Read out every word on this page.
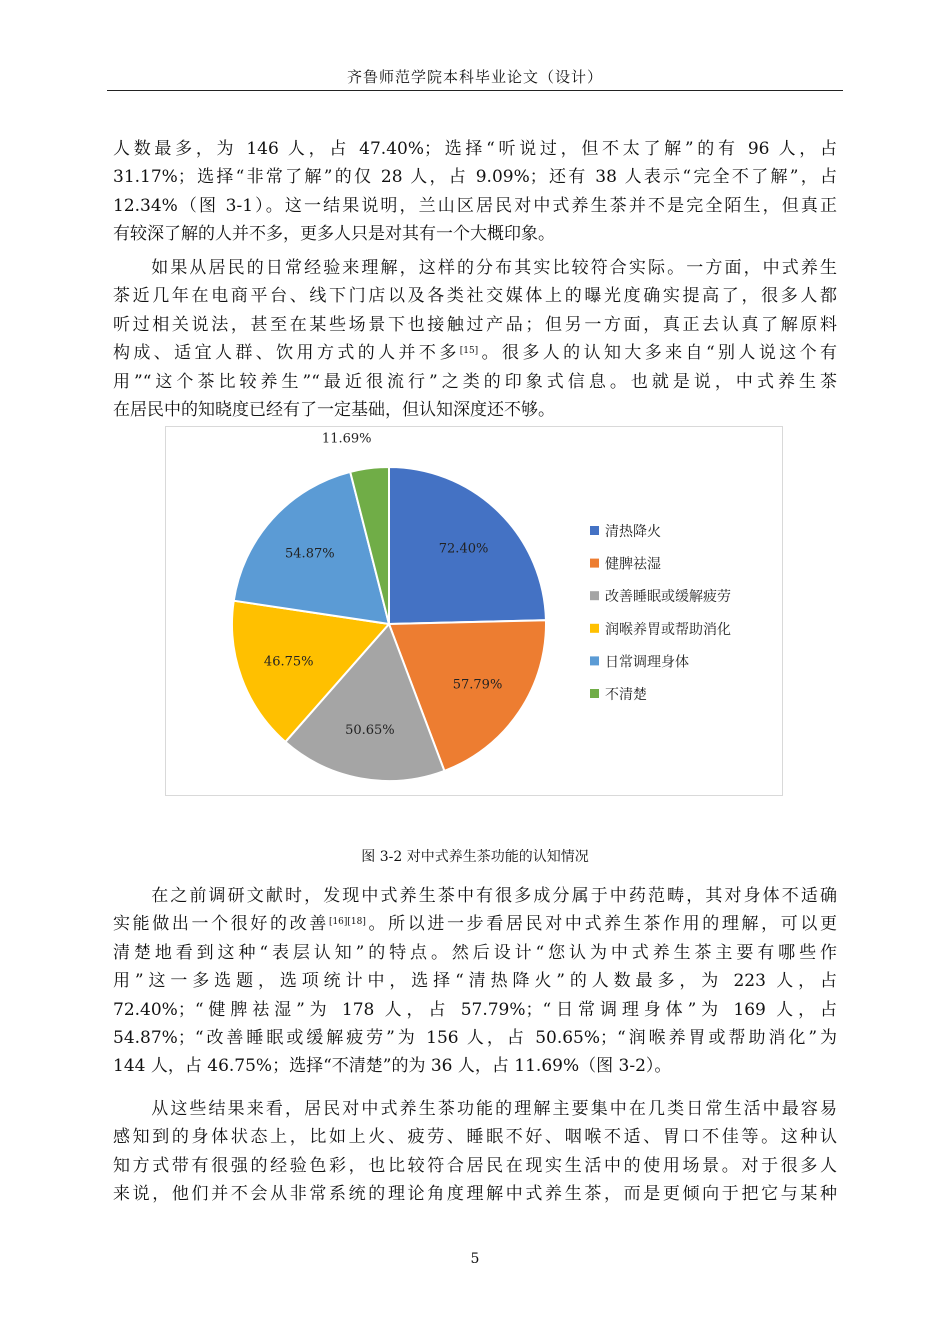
齐鲁师范学院本科毕业论文（设计）
人数最多，为 146 人，占 47.40%；选择“听说过，但不太了解”的有 96 人，占
31.17%；选择“非常了解”的仅 28 人，占 9.09%；还有 38 人表示“完全不了解”，占
12.34%（图 3-1）。这一结果说明，兰山区居民对中式养生茶并不是完全陌生，但真正
有较深了解的人并不多，更多人只是对其有一个大概印象。
　　如果从居民的日常经验来理解，这样的分布其实比较符合实际。一方面，中式养生
茶近几年在电商平台、线下门店以及各类社交媒体上的曝光度确实提高了，很多人都
听过相关说法，甚至在某些场景下也接触过产品；但另一方面，真正去认真了解原料
构成、适宜人群、饮用方式的人并不多[15]。很多人的认知大多来自“别人说这个有
用”“这个茶比较养生”“最近很流行”之类的印象式信息。也就是说，中式养生茶
在居民中的知晓度已经有了一定基础，但认知深度还不够。
72.40%
57.79%
50.65%
46.75%
54.87%
11.69%
清热降火
健脾祛湿
改善睡眠或缓解疲劳
润喉养胃或帮助消化
日常调理身体
不清楚
图 3-2 对中式养生茶功能的认知情况
　　在之前调研文献时，发现中式养生茶中有很多成分属于中药范畴，其对身体不适确
实能做出一个很好的改善[16][18]。所以进一步看居民对中式养生茶作用的理解，可以更
清楚地看到这种“表层认知”的特点。然后设计“您认为中式养生茶主要有哪些作
用”这一多选题，选项统计中，选择“清热降火”的人数最多，为 223 人，占
72.40%；“健脾祛湿”为 178 人，占 57.79%；“日常调理身体”为 169 人，占
54.87%；“改善睡眠或缓解疲劳”为 156 人，占 50.65%；“润喉养胃或帮助消化”为
144 人，占 46.75%；选择“不清楚”的为 36 人，占 11.69%（图 3-2）。
　　从这些结果来看，居民对中式养生茶功能的理解主要集中在几类日常生活中最容易
感知到的身体状态上，比如上火、疲劳、睡眠不好、咽喉不适、胃口不佳等。这种认
知方式带有很强的经验色彩，也比较符合居民在现实生活中的使用场景。对于很多人
来说，他们并不会从非常系统的理论角度理解中式养生茶，而是更倾向于把它与某种
5
